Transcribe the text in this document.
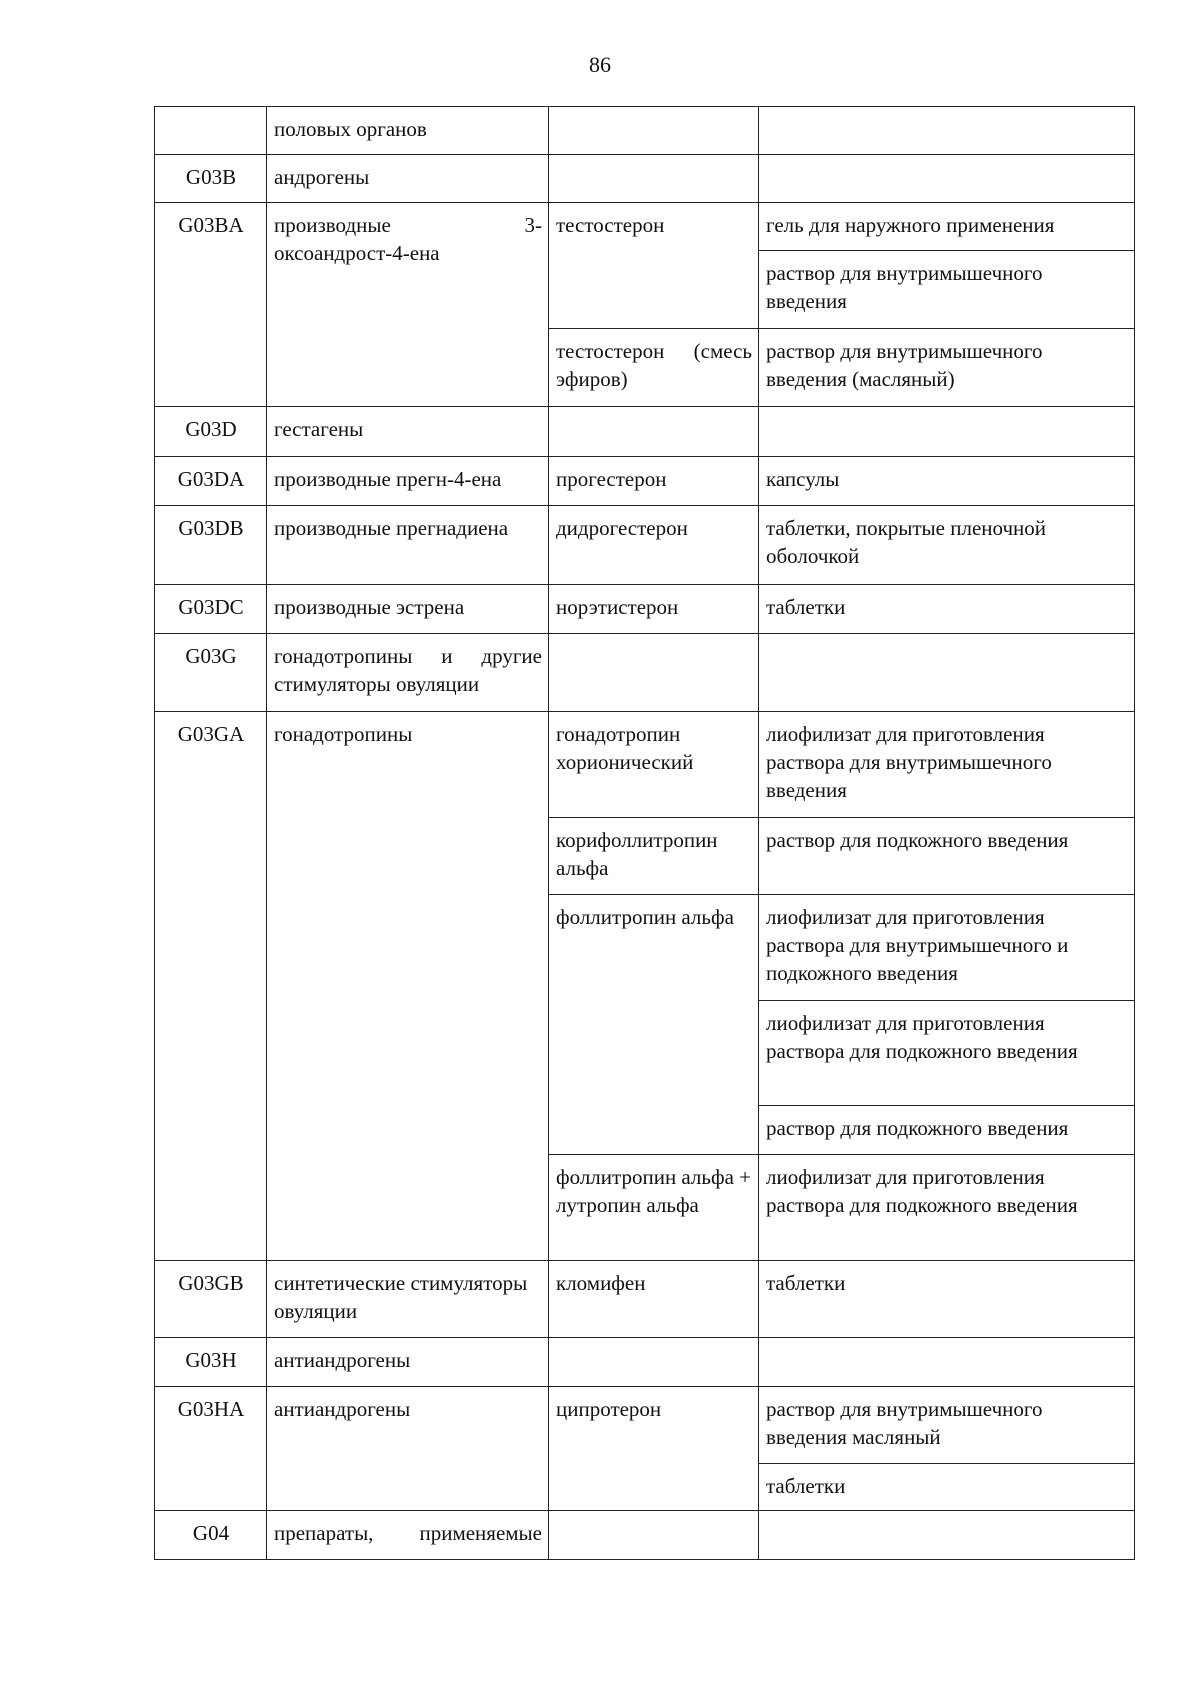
86
	половых органов		
G03B	андрогены		
G03BA	производные 3-оксоандрост-4-ена	тестостерон	гель для наружного применения
			раствор для внутримышечного введения
		тестостерон (смесь эфиров)	раствор для внутримышечного введения (масляный)
G03D	гестагены		
G03DA	производные прегн-4-ена	прогестерон	капсулы
G03DB	производные прегнадиена	дидрогестерон	таблетки, покрытые пленочной оболочкой
G03DC	производные эстрена	норэтистерон	таблетки
G03G	гонадотропины и другие стимуляторы овуляции		
G03GA	гонадотропины	гонадотропин хорионический	лиофилизат для приготовления раствора для внутримышечного введения
		корифоллитропин альфа	раствор для подкожного введения
		фоллитропин альфа	лиофилизат для приготовления раствора для внутримышечного и подкожного введения
			лиофилизат для приготовления раствора для подкожного введения
			раствор для подкожного введения
		фоллитропин альфа + лутропин альфа	лиофилизат для приготовления раствора для подкожного введения
G03GB	синтетические стимуляторы овуляции	кломифен	таблетки
G03H	антиандрогены		
G03HA	антиандрогены	ципротерон	раствор для внутримышечного введения масляный
			таблетки
G04	препараты, применяемые		
